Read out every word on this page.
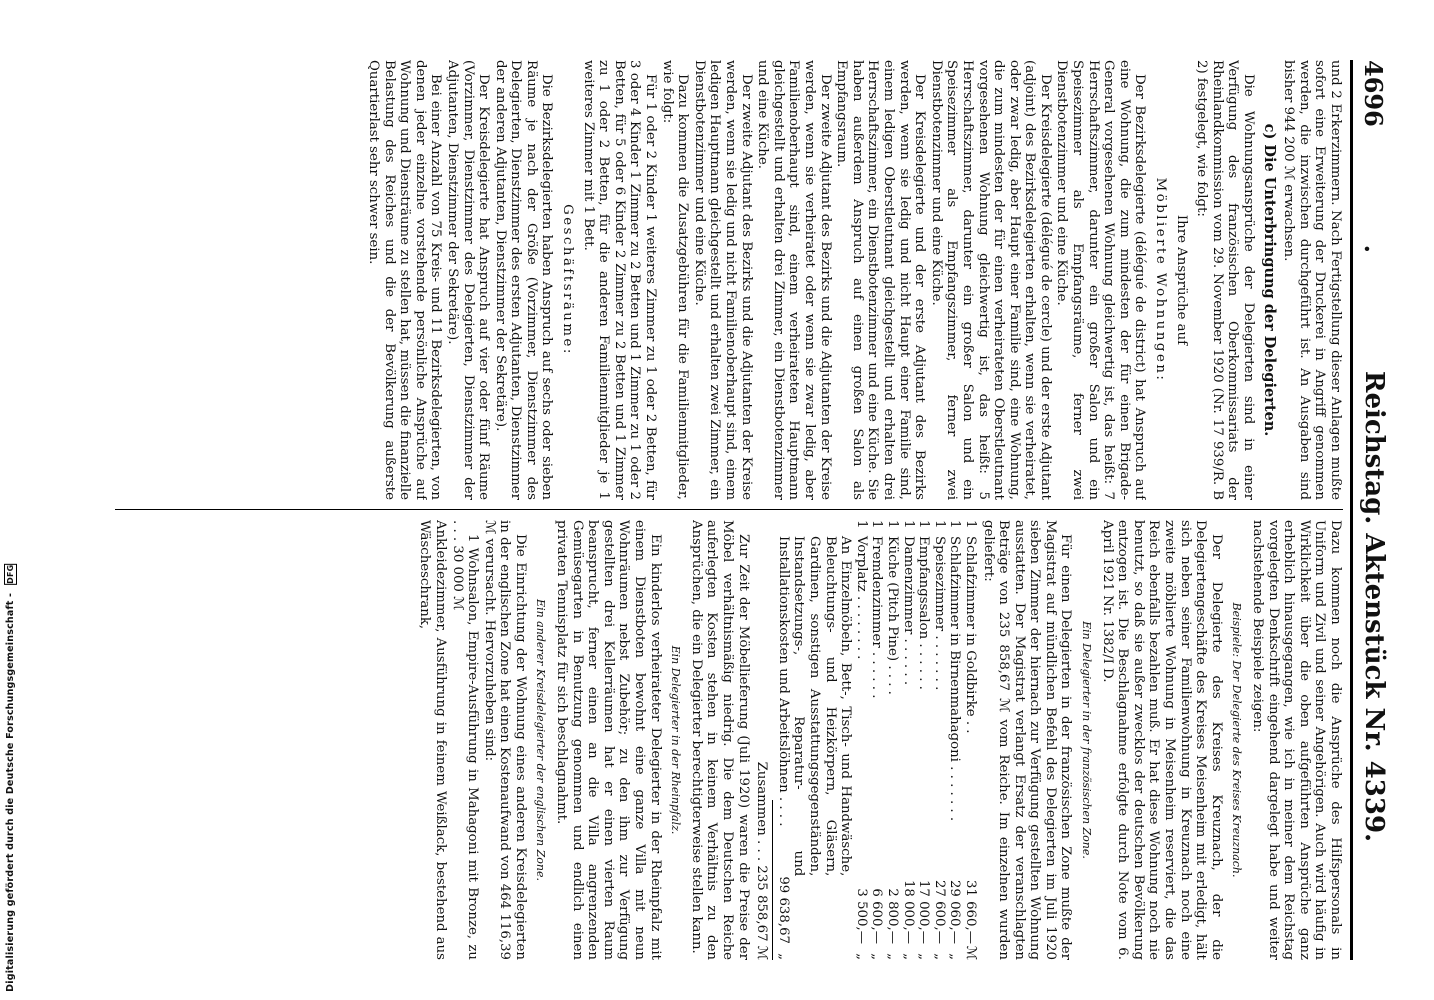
Digitalisierung gefördert durch die Deutsche Forschungsgemeinschaft - DFG
4696
.
Reichstag. Aktenstück Nr. 4339.

und 2 Erkerzimmern. Nach Fertigstellung dieser Anlagen mußte sofort eine Erweiterung der Druckerei in Angriff genommen werden, die inzwischen durchgeführt ist. An Ausgaben sind bisher 944 200 ℳ erwachsen.

c) Die Unterbringung der Delegierten.

Die Wohnungsansprüche der Delegierten sind in einer Verfügung des französischen Oberkommissariats der Rheinlandkommission vom 29. November 1920 (Nr. 17 939/R. B 2) festgelegt, wie folgt:

Ihre Ansprüche auf

Möblierte Wohnungen:

Der Bezirksdelegierte (délégué de district) hat Anspruch auf eine Wohnung, die zum mindesten der für einen Brigade-General vorgesehenen Wohnung gleichwertig ist, das heißt: 7 Herrschaftszimmer, darunter ein großer Salon und ein Speisezimmer als Empfangsräume, ferner zwei Dienstbotenzimmer und eine Küche.

Der Kreisdelegierte (délégué de cercle) und der erste Adjutant (adjoint) des Bezirksdelegierten erhalten, wenn sie verheiratet, oder zwar ledig, aber Haupt einer Familie sind, eine Wohnung, die zum mindesten der für einen verheirateten Oberstleutnant vorgesehenen Wohnung gleichwertig ist, das heißt: 5 Herrschaftszimmer, darunter ein großer Salon und ein Speisezimmer als Empfangszimmer, ferner zwei Dienstbotenzimmer und eine Küche.

Der Kreisdelegierte und der erste Adjutant des Bezirks werden, wenn sie ledig und nicht Haupt einer Familie sind, einem ledigen Oberstleutnant gleichgestellt und erhalten drei Herrschaftszimmer, ein Dienstbotenzimmer und eine Küche. Sie haben außerdem Anspruch auf einen großen Salon als Empfangsraum.

Der zweite Adjutant des Bezirks und die Adjutanten der Kreise werden, wenn sie verheiratet oder wenn sie zwar ledig, aber Familienoberhaupt sind, einem verheirateten Hauptmann gleichgestellt und erhalten drei Zimmer, ein Dienstbotenzimmer und eine Küche.

Der zweite Adjutant des Bezirks und die Adjutanten der Kreise werden, wenn sie ledig und nicht Familienoberhaupt sind, einem ledigen Hauptmann gleichgestellt und erhalten zwei Zimmer, ein Dienstbotenzimmer und eine Küche.

Dazu kommen die Zusatzgebühren für die Familienmitglieder, wie folgt:

Für 1 oder 2 Kinder 1 weiteres Zimmer zu 1 oder 2 Betten, für 3 oder 4 Kinder 1 Zimmer zu 2 Betten und 1 Zimmer zu 1 oder 2 Betten, für 5 oder 6 Kinder 2 Zimmer zu 2 Betten und 1 Zimmer zu 1 oder 2 Betten, für die anderen Familienmitglieder je 1 weiteres Zimmer mit 1 Bett.

Geschäftsräume:

Die Bezirksdelegierten haben Anspruch auf sechs oder sieben Räume je nach der Größe (Vorzimmer, Dienstzimmer des Delegierten, Dienstzimmer des ersten Adjutanten, Dienstzimmer der anderen Adjutanten, Dienstzimmer der Sekretäre).

Der Kreisdelegierte hat Anspruch auf vier oder fünf Räume (Vorzimmer, Dienstzimmer des Delegierten, Dienstzimmer der Adjutanten, Dienstzimmer der Sekretäre).

Bei einer Anzahl von 75 Kreis- und 11 Bezirksdelegierten, von denen jeder einzelne vorstehende persönliche Ansprüche auf Wohnung und Diensträume zu stellen hat, müssen die finanzielle Belastung des Reiches und die der Bevölkerung außerste Quartierlast sehr schwer sein.

Dazu kommen noch die Ansprüche des Hilfspersonals in Uniform und Zivil und seiner Angehörigen. Auch wird häufig in Wirklichkeit über die oben aufgeführten Ansprüche ganz erheblich hinausgegangen, wie ich in meiner dem Reichstag vorgelegten Denkschrift eingehend dargelegt habe und weiter nachstehende Beispiele zeigen:

Beispiele: Der Delegierte des Kreises Kreuznach.

Der Delegierte des Kreises Kreuznach, der die Delegiertengeschäfte des Kreises Meisenheim mit erledigt, hält sich neben seiner Familienwohnung in Kreuznach noch eine zweite möblierte Wohnung in Meisenheim reserviert, die das Reich ebenfalls bezahlen muß. Er hat diese Wohnung noch nie benutzt, so daß sie außer zwecklos der deutschen Bevölkerung entzogen ist. Die Beschlagnahme erfolgte durch Note vom 6. April 1921 Nr. 1382/I D.

Ein Delegierter in der französischen Zone.

Für einen Delegierten in der französischen Zone mußte der Magistrat auf mündlichen Befehl des Delegierten im Juli 1920 sieben Zimmer der hiernach zur Verfügung gestellten Wohnung ausstatten. Der Magistrat verlangt Ersatz der veranschlagten Beträge von 235 858,67 ℳ vom Reiche. Im einzelnen wurden geliefert:

1	Schlafzimmer in Goldbirke . .	31 660,—	ℳ
1	Schlafzimmer in Birnenmahagoni . . . . . . .	29 060,—	„
1	Speisezimmer . . . . . . .	27 600,—	„
1	Empfangssalon . . . . . .	17 000,—	„
1	Damenzimmer . . . . . .	18 000,—	„
1	Küche (Pitch Pine) . . . .	2 800,—	„
1	Fremdenzimmer . . . . . .	6 600,—	„
1	Vorplatz . . . . . . . .	3 500,—	„
	An Einzelmöbeln, Bett-, Tisch- und Handwäsche, Beleuchtungs- und Heizkörpern, Gläsern, Gardinen, sonstigen Ausstattungsgegenständen, Instandsetzungs-, Reparatur- und Installationskosten und Arbeitslöhnen . . . .	99 638,67	„

Zusammen . . . 235 858,67 ℳ

Zur Zeit der Möbellieferung (Juli 1920) waren die Preise der Möbel verhältnismäßig niedrig. Die dem Deutschen Reiche auferlegten Kosten stehen in keinem Verhältnis zu den Ansprüchen, die ein Delegierter berechtigterweise stellen kann.

Ein Delegierter in der Rheinpfalz.

Ein kinderlos verheirateter Delegierter in der Rheinpfalz mit einem Dienstboten bewohnt eine ganze Villa mit neun Wohnräumen nebst Zubehör; zu den ihm zur Verfügung gestellten drei Kellerräumen hat er einen vierten Raum beansprucht, ferner einen an die Villa angrenzenden Gemüsegarten in Benutzung genommen und endlich einen privaten Tennisplatz für sich beschlagnahmt.

Ein anderer Kreisdelegierter der englischen Zone.

Die Einrichtung der Wohnung eines anderen Kreisdelegierten in der englischen Zone hat einen Kostenaufwand von 464 116,39 ℳ verursacht. Hervorzuheben sind:

1 Wohnsalon, Empire-Ausführung in Mahagoni mit Bronze, zu . . . 30 000 ℳ

Ankleidezimmer, Ausführung in feinem Weißlack, bestehend aus Wäscheschrank,
